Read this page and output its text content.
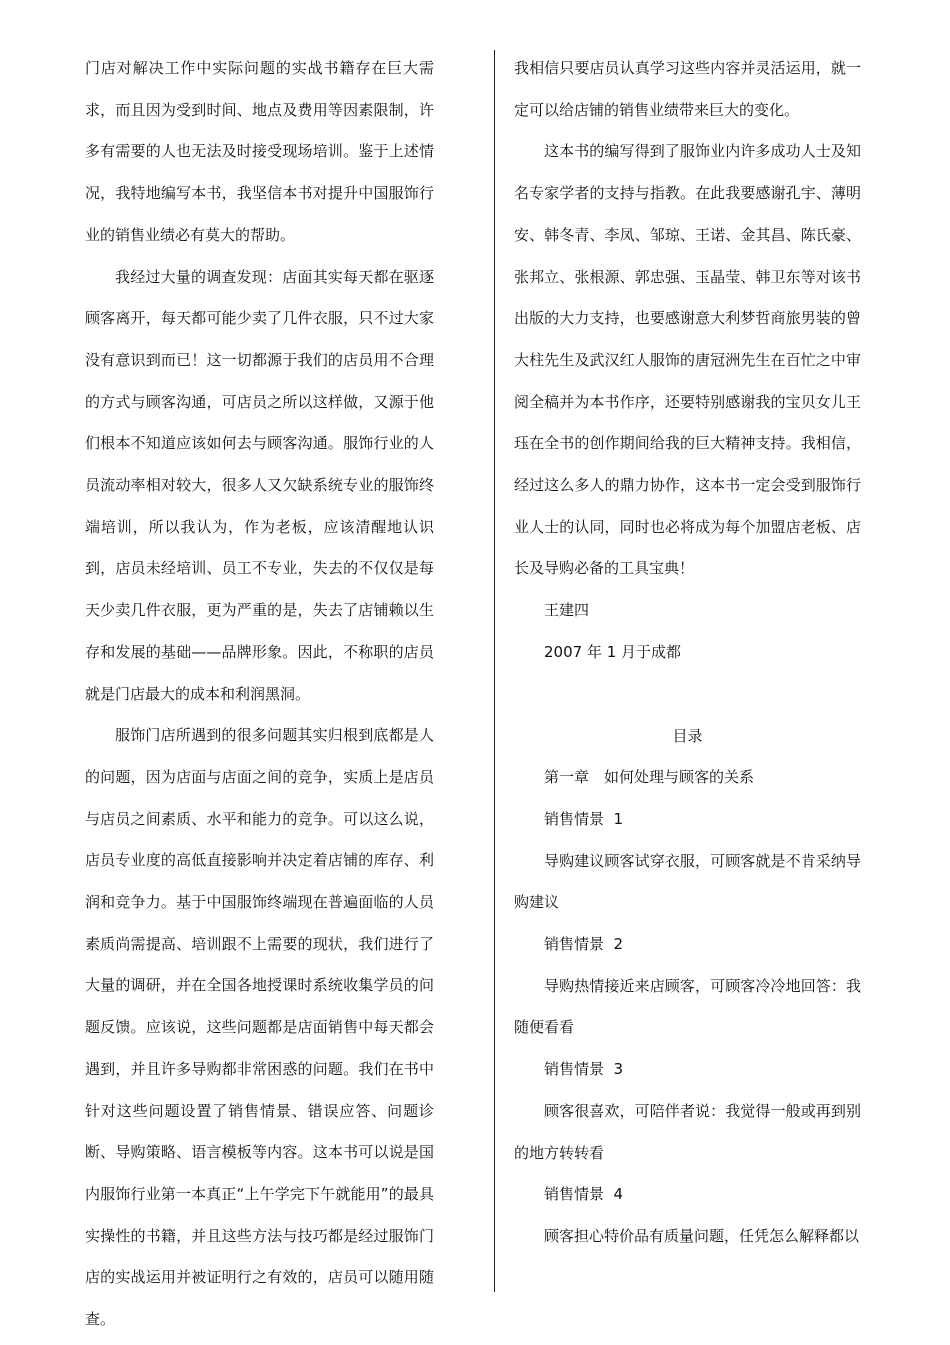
门店对解决工作中实际问题的实战书籍存在巨大需求，而且因为受到时间、地点及费用等因素限制，许多有需要的人也无法及时接受现场培训。鉴于上述情况，我特地编写本书，我坚信本书对提升中国服饰行业的销售业绩必有莫大的帮助。

我经过大量的调查发现：店面其实每天都在驱逐顾客离开，每天都可能少卖了几件衣服，只不过大家没有意识到而已！这一切都源于我们的店员用不合理的方式与顾客沟通，可店员之所以这样做，又源于他们根本不知道应该如何去与顾客沟通。服饰行业的人员流动率相对较大，很多人又欠缺系统专业的服饰终端培训，所以我认为，作为老板，应该清醒地认识到，店员未经培训、员工不专业，失去的不仅仅是每天少卖几件衣服，更为严重的是，失去了店铺赖以生存和发展的基础——品牌形象。因此，不称职的店员就是门店最大的成本和利润黑洞。

服饰门店所遇到的很多问题其实归根到底都是人的问题，因为店面与店面之间的竞争，实质上是店员与店员之间素质、水平和能力的竞争。可以这么说，店员专业度的高低直接影响并决定着店铺的库存、利润和竞争力。基于中国服饰终端现在普遍面临的人员素质尚需提高、培训跟不上需要的现状，我们进行了大量的调研，并在全国各地授课时系统收集学员的问题反馈。应该说，这些问题都是店面销售中每天都会遇到，并且许多导购都非常困惑的问题。我们在书中针对这些问题设置了销售情景、错误应答、问题诊断、导购策略、语言模板等内容。这本书可以说是国内服饰行业第一本真正“上午学完下午就能用”的最具实操性的书籍，并且这些方法与技巧都是经过服饰门店的实战运用并被证明行之有效的，店员可以随用随查。

我相信只要店员认真学习这些内容并灵活运用，就一定可以给店铺的销售业绩带来巨大的变化。

这本书的编写得到了服饰业内许多成功人士及知名专家学者的支持与指教。在此我要感谢孔宇、薄明安、韩冬青、李凤、邹琼、王诺、金其昌、陈氏豪、张邦立、张根源、郭忠强、玉晶莹、韩卫东等对该书出版的大力支持，也要感谢意大利梦哲商旅男装的曾大柱先生及武汉红人服饰的唐冠洲先生在百忙之中审阅全稿并为本书作序，还要特别感谢我的宝贝女儿王珏在全书的创作期间给我的巨大精神支持。我相信，经过这么多人的鼎力协作，这本书一定会受到服饰行业人士的认同，同时也必将成为每个加盟店老板、店长及导购必备的工具宝典！

王建四

2007 年 1 月于成都

目录

第一章　如何处理与顾客的关系

销售情景  1

导购建议顾客试穿衣服，可顾客就是不肯采纳导购建议

销售情景  2

导购热情接近来店顾客，可顾客冷冷地回答：我随便看看

销售情景  3

顾客很喜欢，可陪伴者说：我觉得一般或再到别的地方转转看

销售情景  4

顾客担心特价品有质量问题，任凭怎么解释都以
